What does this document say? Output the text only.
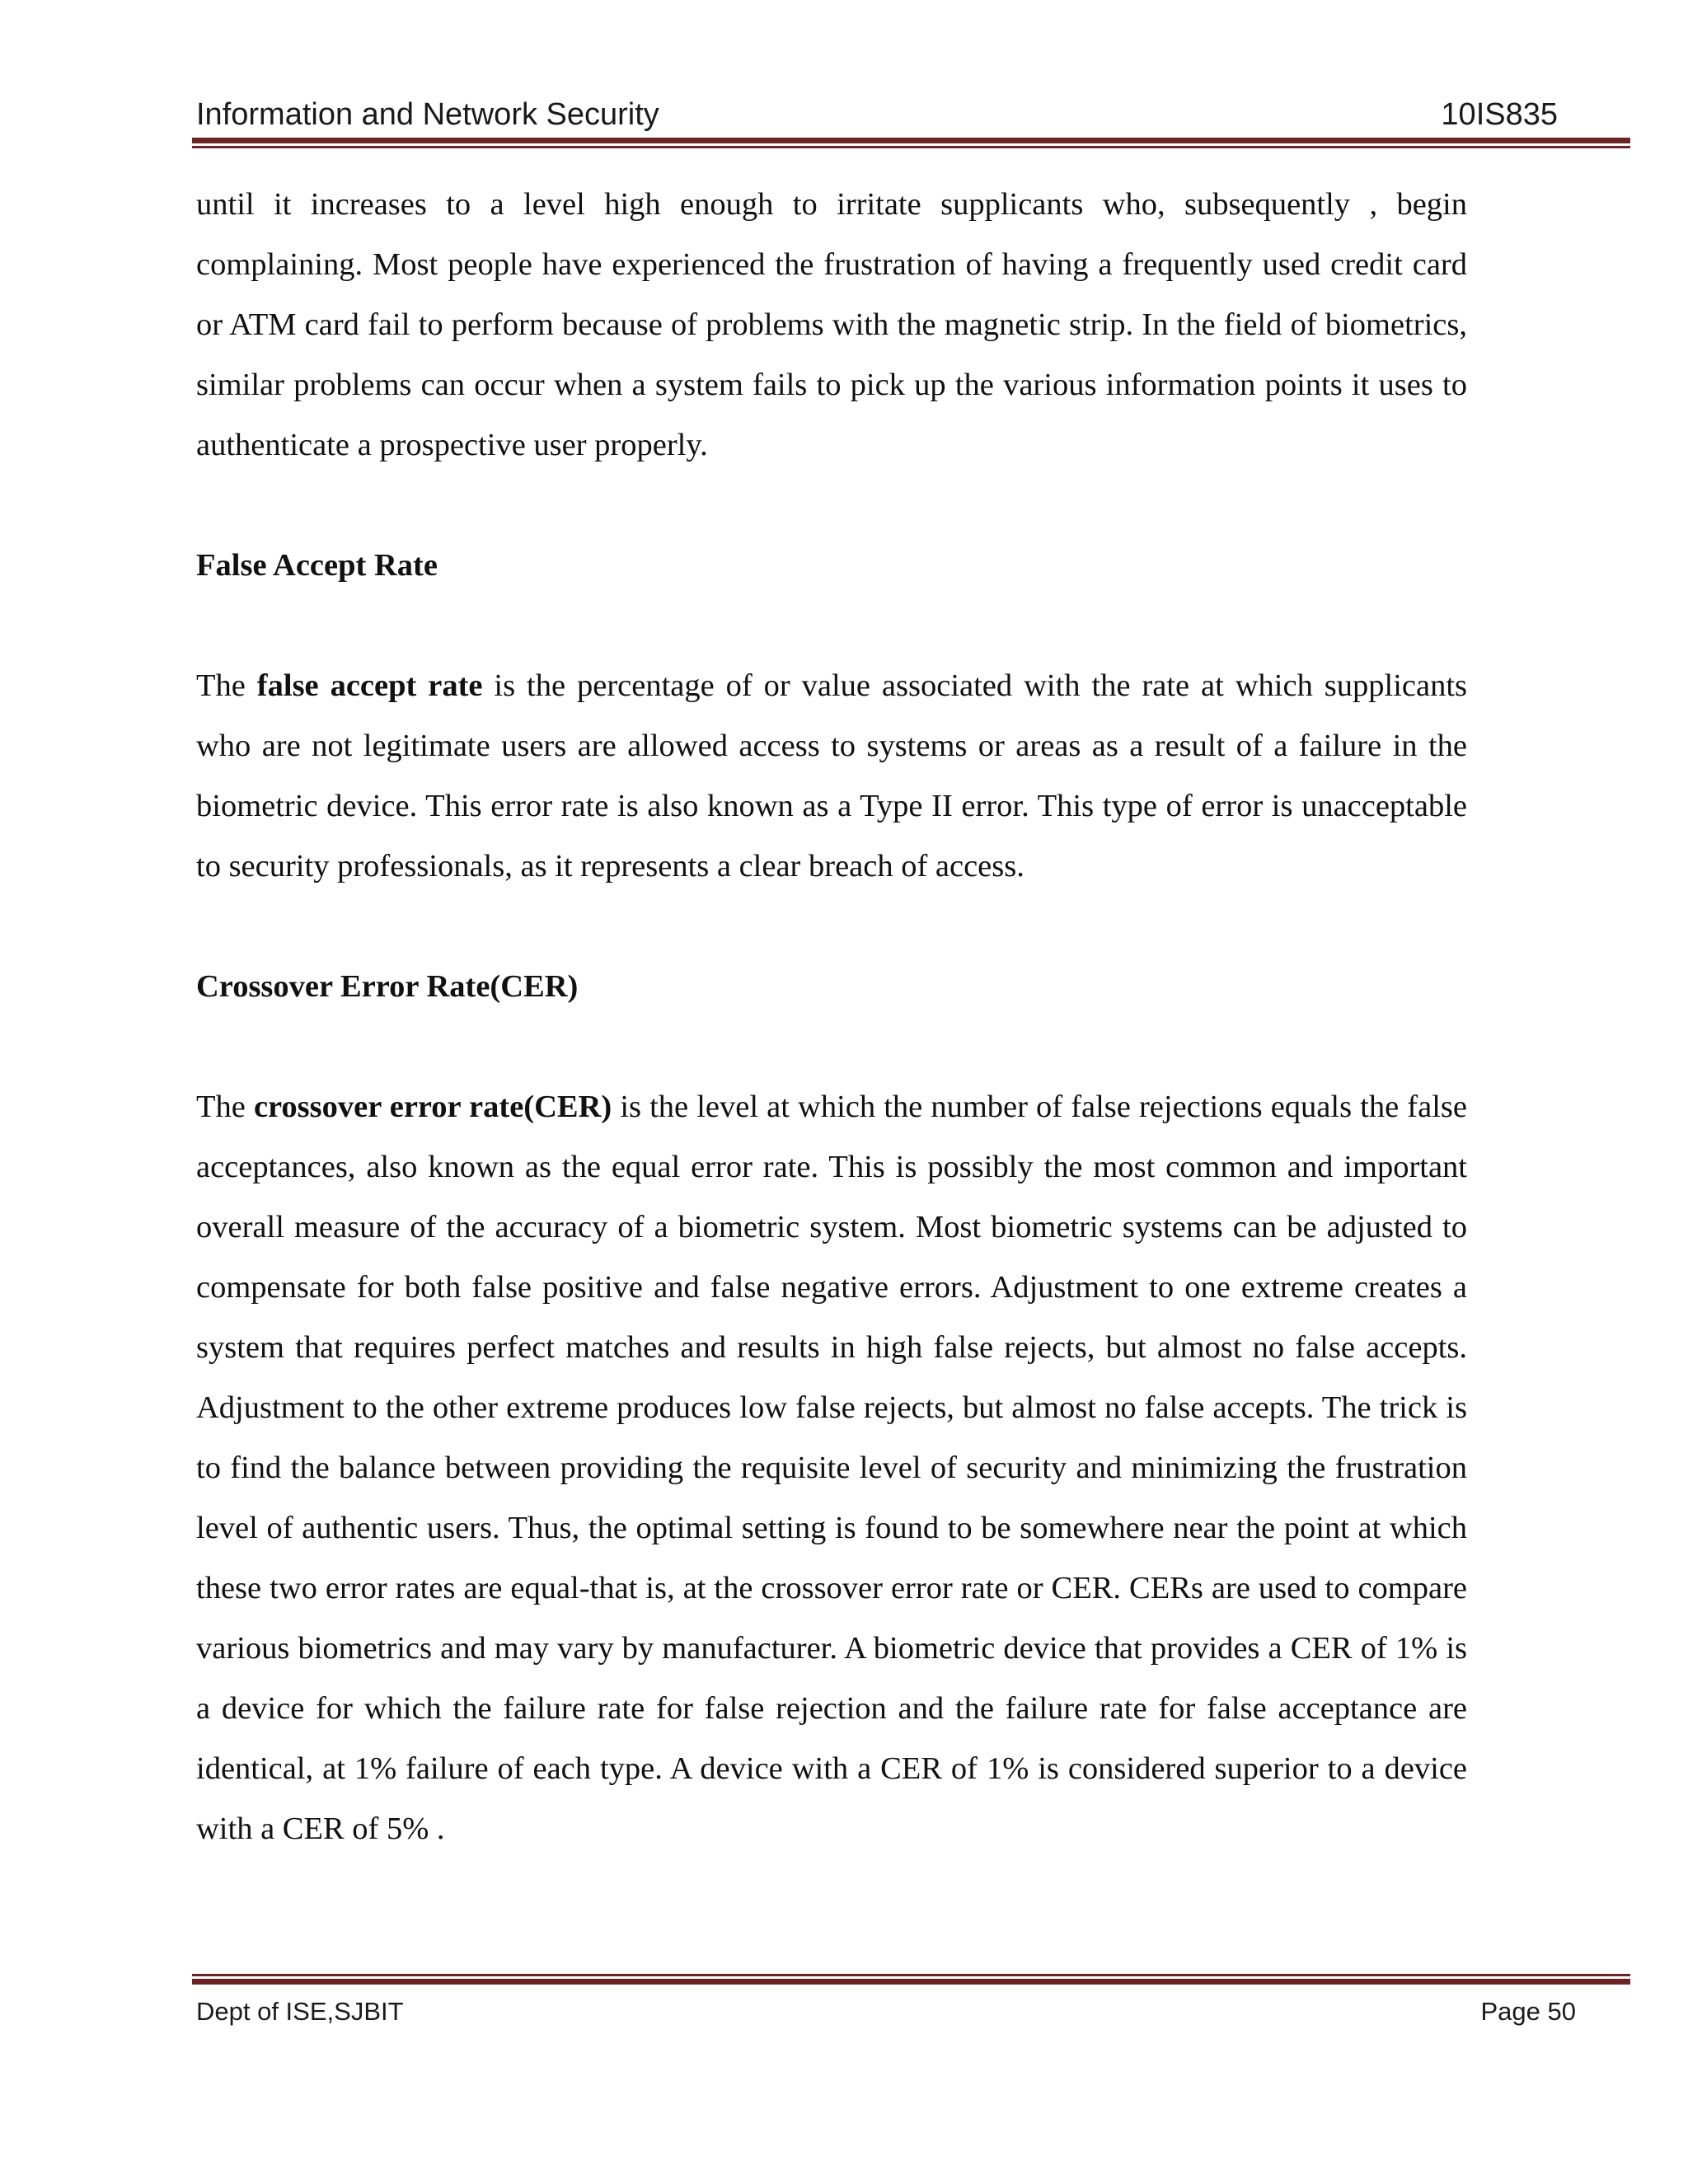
Information and Network Security	10IS835

until it increases to a level high enough to irritate supplicants who, subsequently , begin complaining. Most people have experienced the frustration of having a frequently used credit card or ATM card fail to perform because of problems with the magnetic strip. In the field of biometrics, similar problems can occur when a system fails to pick up the various information points it uses to authenticate a prospective user properly.

False Accept Rate

The false accept rate is the percentage of or value associated with the rate at which supplicants who are not legitimate users are allowed access to systems or areas as a result of a failure in the biometric device. This error rate is also known as a Type II error. This type of error is unacceptable to security professionals, as it represents a clear breach of access.

Crossover Error Rate(CER)

The crossover error rate(CER) is the level at which the number of false rejections equals the false acceptances, also known as the equal error rate. This is possibly the most common and important overall measure of the accuracy of a biometric system. Most biometric systems can be adjusted to compensate for both false positive and false negative errors. Adjustment to one extreme creates a system that requires perfect matches and results in high false rejects, but almost no false accepts. Adjustment to the other extreme produces low false rejects, but almost no false accepts. The trick is to find the balance between providing the requisite level of security and minimizing the frustration level of authentic users. Thus, the optimal setting is found to be somewhere near the point at which these two error rates are equal-that is, at the crossover error rate or CER. CERs are used to compare various biometrics and may vary by manufacturer. A biometric device that provides a CER of 1% is a device for which the failure rate for false rejection and the failure rate for false acceptance are identical, at 1% failure of each type. A device with a CER of 1% is considered superior to a device with a CER of 5% .

Dept of ISE,SJBIT	Page 50
